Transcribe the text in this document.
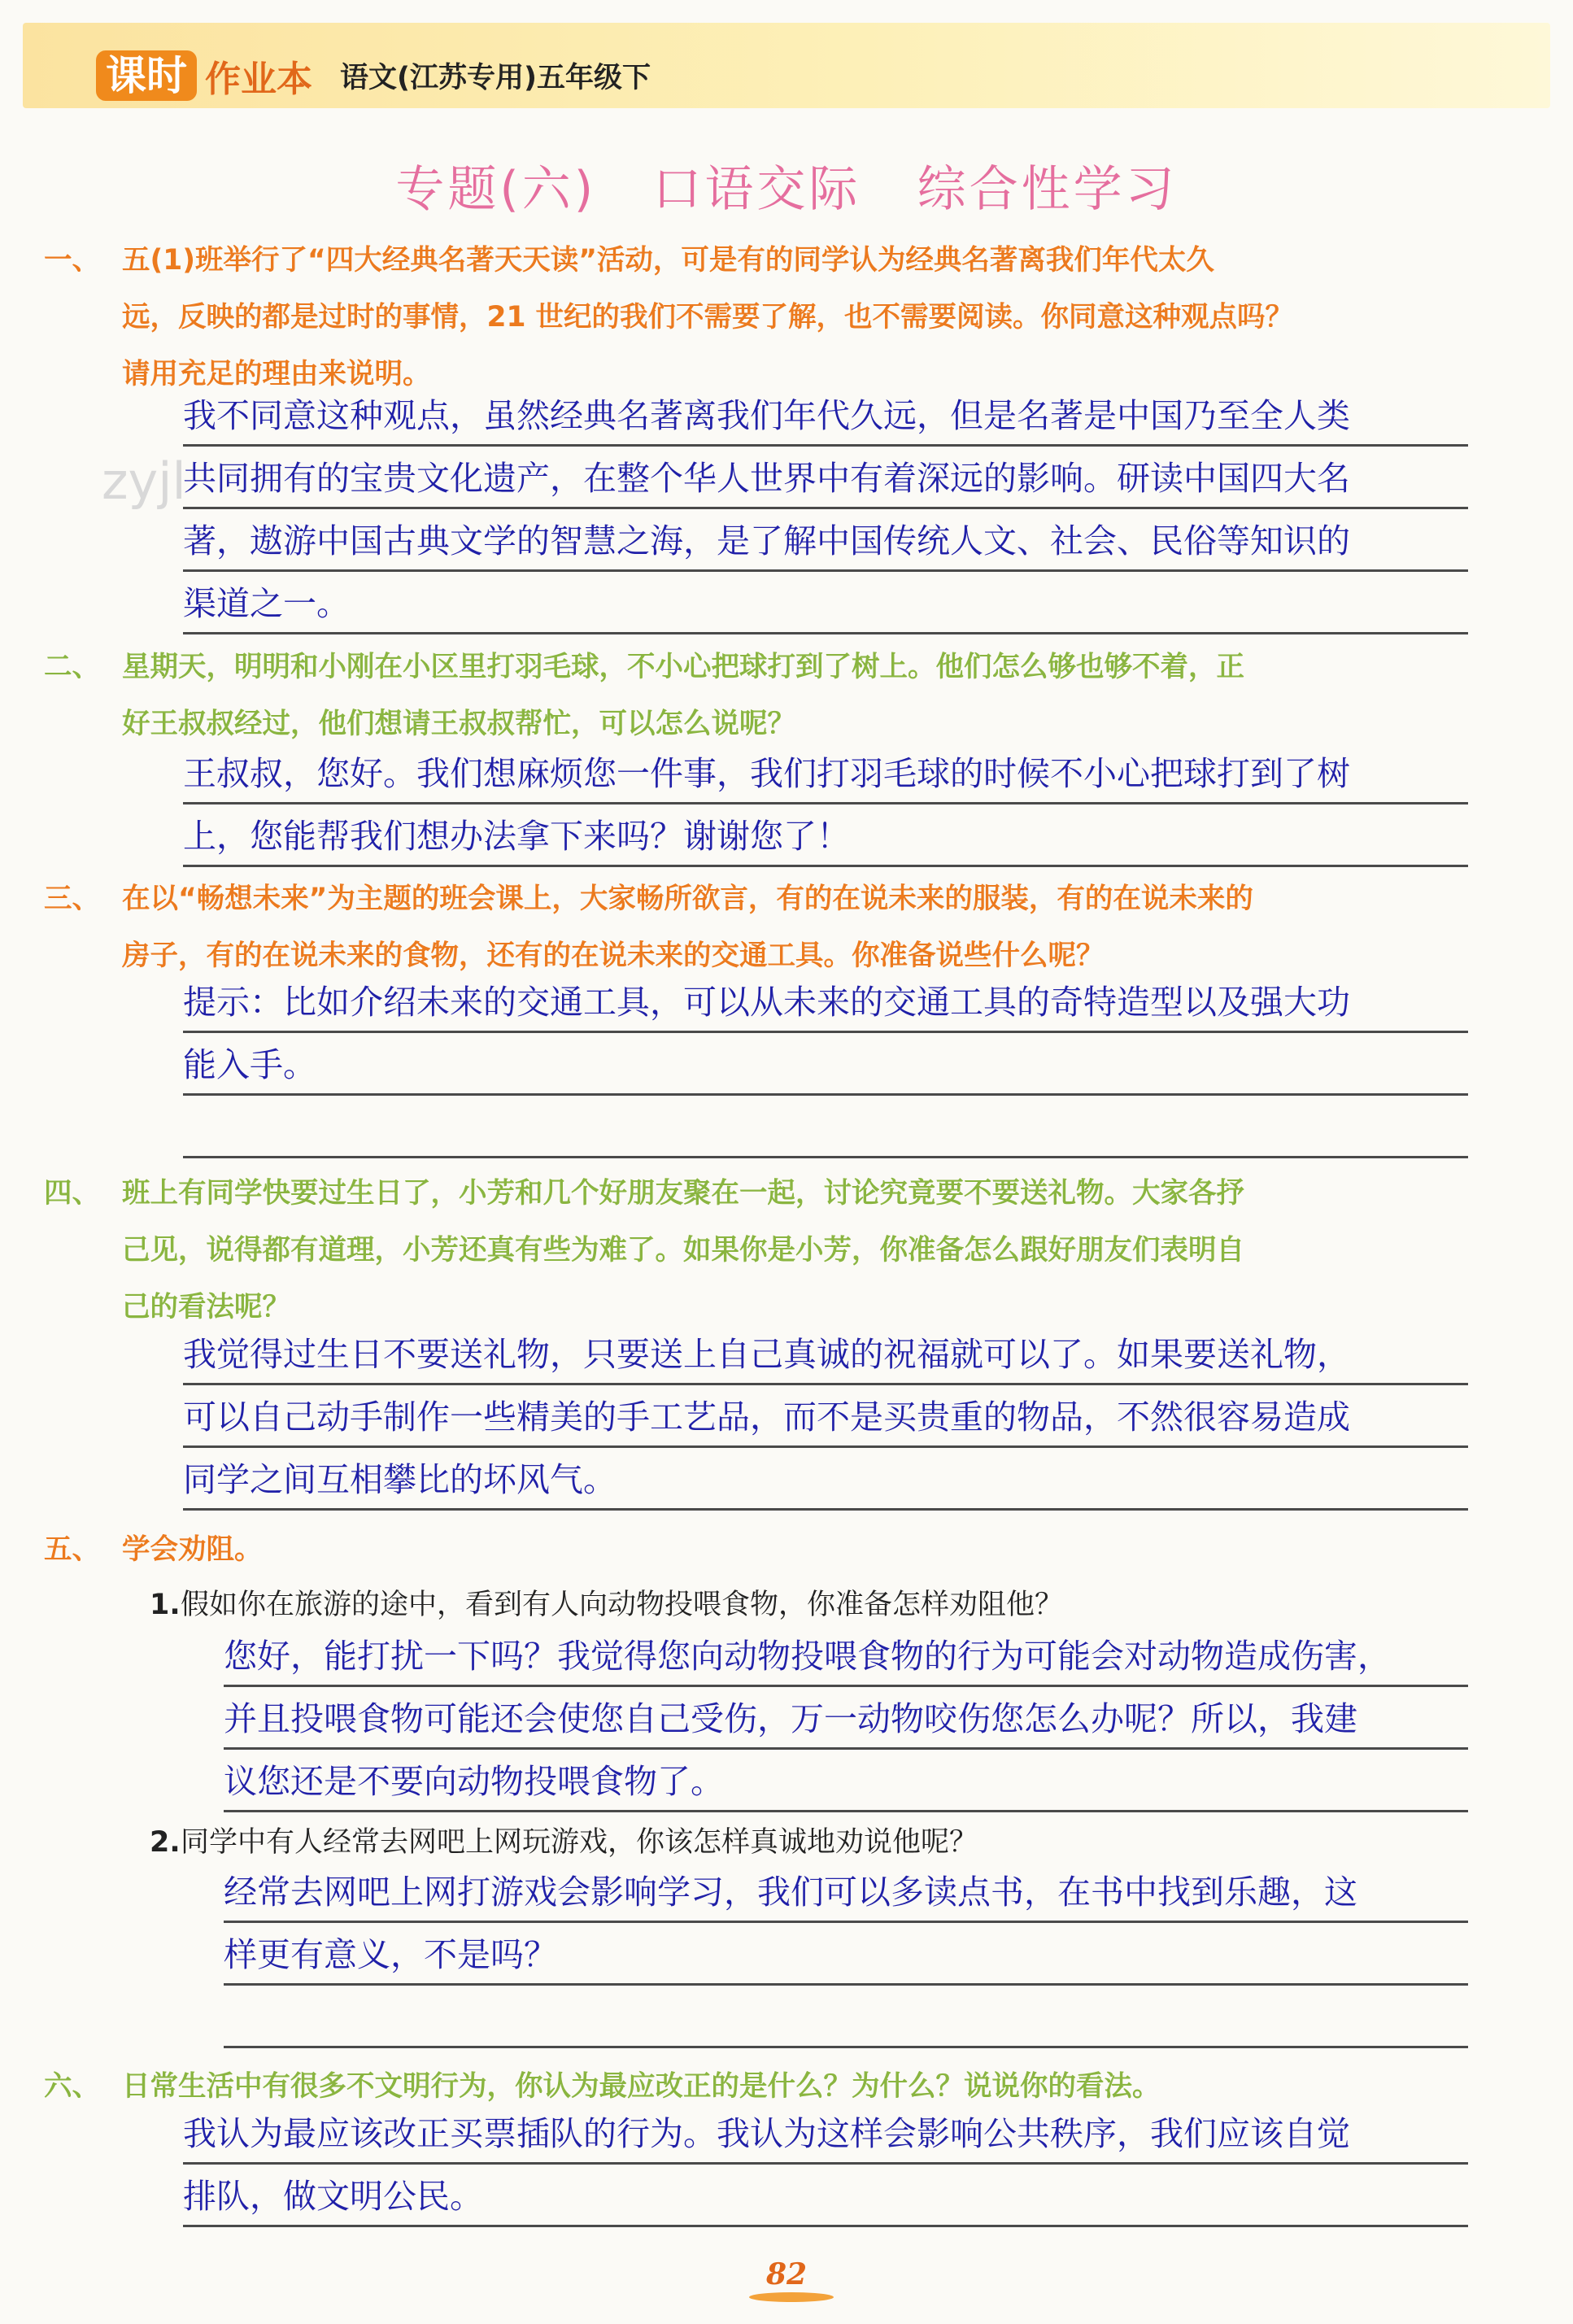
课时 作业本 语文(江苏专用)五年级下
专题(六)   口语交际   综合性学习
zyjl
一、 五(1)班举行了“四大经典名著天天读”活动，可是有的同学认为经典名著离我们年代太久
远，反映的都是过时的事情，21 世纪的我们不需要了解，也不需要阅读。你同意这种观点吗？
请用充足的理由来说明。
我不同意这种观点，虽然经典名著离我们年代久远，但是名著是中国乃至全人类
共同拥有的宝贵文化遗产，在整个华人世界中有着深远的影响。研读中国四大名
著，遨游中国古典文学的智慧之海，是了解中国传统人文、社会、民俗等知识的
渠道之一。
二、 星期天，明明和小刚在小区里打羽毛球，不小心把球打到了树上。他们怎么够也够不着，正
好王叔叔经过，他们想请王叔叔帮忙，可以怎么说呢？
王叔叔，您好。我们想麻烦您一件事，我们打羽毛球的时候不小心把球打到了树
上，您能帮我们想办法拿下来吗？谢谢您了！
三、 在以“畅想未来”为主题的班会课上，大家畅所欲言，有的在说未来的服装，有的在说未来的
房子，有的在说未来的食物，还有的在说未来的交通工具。你准备说些什么呢？
提示：比如介绍未来的交通工具，可以从未来的交通工具的奇特造型以及强大功
能入手。
四、 班上有同学快要过生日了，小芳和几个好朋友聚在一起，讨论究竟要不要送礼物。大家各抒
己见，说得都有道理，小芳还真有些为难了。如果你是小芳，你准备怎么跟好朋友们表明自
己的看法呢？
我觉得过生日不要送礼物，只要送上自己真诚的祝福就可以了。如果要送礼物，
可以自己动手制作一些精美的手工艺品，而不是买贵重的物品，不然很容易造成
同学之间互相攀比的坏风气。
五、 学会劝阻。
1. 假如你在旅游的途中，看到有人向动物投喂食物，你准备怎样劝阻他？
您好，能打扰一下吗？我觉得您向动物投喂食物的行为可能会对动物造成伤害，
并且投喂食物可能还会使您自己受伤，万一动物咬伤您怎么办呢？所以，我建
议您还是不要向动物投喂食物了。
2. 同学中有人经常去网吧上网玩游戏，你该怎样真诚地劝说他呢？
经常去网吧上网打游戏会影响学习，我们可以多读点书，在书中找到乐趣，这
样更有意义，不是吗？
六、 日常生活中有很多不文明行为，你认为最应改正的是什么？为什么？说说你的看法。
我认为最应该改正买票插队的行为。我认为这样会影响公共秩序，我们应该自觉
排队，做文明公民。
82
